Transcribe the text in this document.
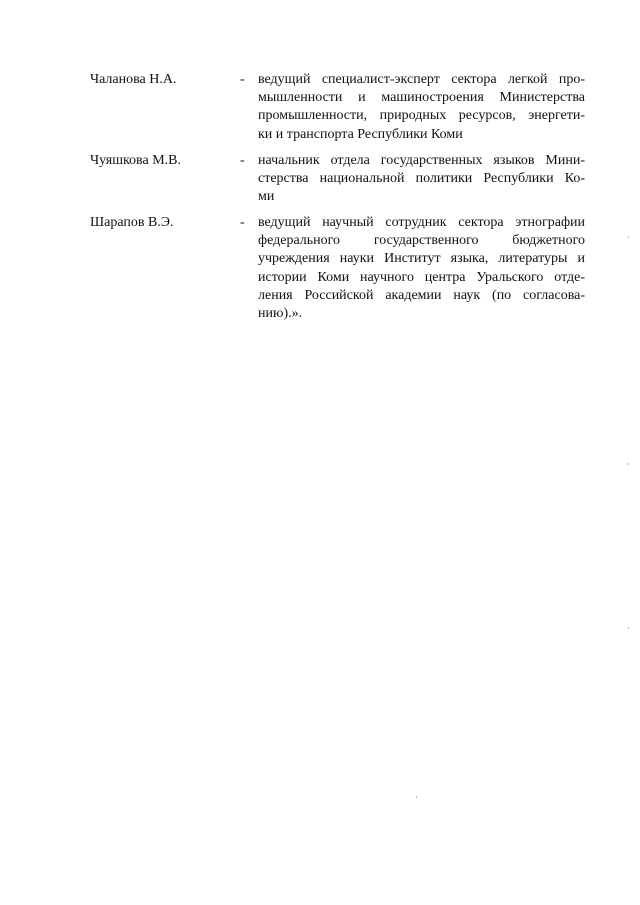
Чаланова Н.А.	- ведущий специалист-эксперт сектора легкой про-
мышленности и машиностроения Министерства
промышленности, природных ресурсов, энергети-
ки и транспорта Республики Коми
Чуяшкова М.В.	- начальник отдела государственных языков Мини-
стерства национальной политики Республики Ко-
ми
Шарапов В.Э.	- ведущий научный сотрудник сектора этнографии
федерального государственного бюджетного
учреждения науки Институт языка, литературы и
истории Коми научного центра Уральского отде-
ления Российской академии наук (по согласова-
нию).».
